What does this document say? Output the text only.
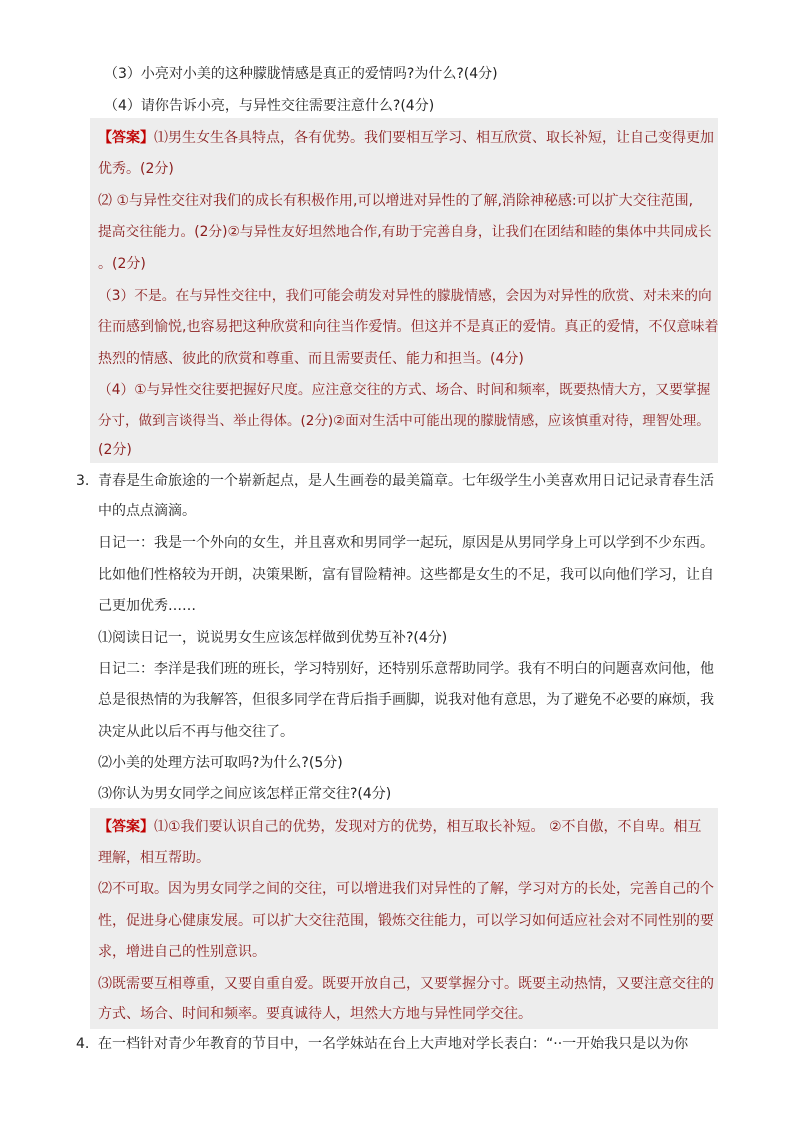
（3）小亮对小美的这种朦胧情感是真正的爱情吗?为什么?(4分)
（4）请你告诉小亮，与异性交往需要注意什么?(4分)
【答案】⑴男生女生各具特点，各有优势。我们要相互学习、相互欣赏、取长补短，让自己变得更加
优秀。(2分)
⑵ ①与异性交往对我们的成长有积极作用,可以增进对异性的了解,消除神秘感:可以扩大交往范围,
提高交往能力。(2分)②与异性友好坦然地合作,有助于完善自身，让我们在团结和睦的集体中共同成长
。(2分)
（3）不是。在与异性交往中，我们可能会萌发对异性的朦胧情感，会因为对异性的欣赏、对未来的向
往而感到愉悦,也容易把这种欣赏和向往当作爱情。但这并不是真正的爱情。真正的爱情，不仅意味着
热烈的情感、彼此的欣赏和尊重、而且需要责任、能力和担当。(4分)
（4）①与异性交往要把握好尺度。应注意交往的方式、场合、时间和频率，既要热情大方，又要掌握
分寸，做到言谈得当、举止得体。(2分)②面对生活中可能出现的朦胧情感，应该慎重对待，理智处理。
(2分)
3. 青春是生命旅途的一个崭新起点，是人生画卷的最美篇章。七年级学生小美喜欢用日记记录青春生活
中的点点滴滴。
日记一：我是一个外向的女生，并且喜欢和男同学一起玩，原因是从男同学身上可以学到不少东西。
比如他们性格较为开朗，决策果断，富有冒险精神。这些都是女生的不足，我可以向他们学习，让自
己更加优秀……
⑴阅读日记一，说说男女生应该怎样做到优势互补?(4分)
日记二：李洋是我们班的班长，学习特别好，还特别乐意帮助同学。我有不明白的问题喜欢问他，他
总是很热情的为我解答，但很多同学在背后指手画脚，说我对他有意思，为了避免不必要的麻烦，我
决定从此以后不再与他交往了。
⑵小美的处理方法可取吗?为什么?(5分)
⑶你认为男女同学之间应该怎样正常交往?(4分)
【答案】⑴①我们要认识自己的优势，发现对方的优势，相互取长补短。 ②不自傲，不自卑。相互
理解，相互帮助。
⑵不可取。因为男女同学之间的交往，可以增进我们对异性的了解，学习对方的长处，完善自己的个
性，促进身心健康发展。可以扩大交往范围，锻炼交往能力，可以学习如何适应社会对不同性别的要
求，增进自己的性别意识。
⑶既需要互相尊重，又要自重自爱。既要开放自己，又要掌握分寸。既要主动热情，又要注意交往的
方式、场合、时间和频率。要真诚待人，坦然大方地与异性同学交往。
4. 在一档针对青少年教育的节目中，一名学妹站在台上大声地对学长表白：“··一开始我只是以为你
